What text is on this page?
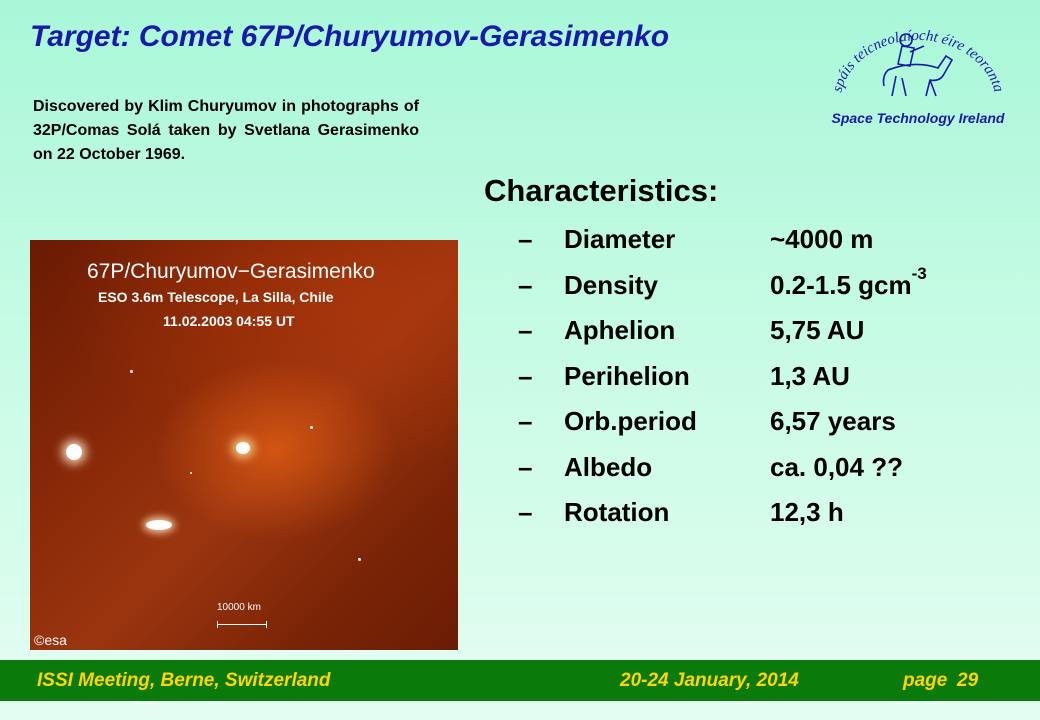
Target: Comet 67P/Churyumov-Gerasimenko
Discovered by Klim Churyumov in photographs of 32P/Comas Solá taken by Svetlana Gerasimenko on 22 October 1969.
spáis teicneolaíocht éire teoranta
Space Technology Ireland
67P/Churyumov−Gerasimenko
ESO 3.6m Telescope, La Silla, Chile
11.02.2003 04:55 UT
10000 km
©esa
Characteristics:
– Diameter	~4000 m
– Density	0.2-1.5 gcm$^{-3}$
– Aphelion	5,75 AU
– Perihelion	1,3 AU
– Orb.period	6,57 years
– Albedo	ca. 0,04 ??
– Rotation	12,3 h
ISSI Meeting, Berne, Switzerland	20-24 January, 2014	page 29
